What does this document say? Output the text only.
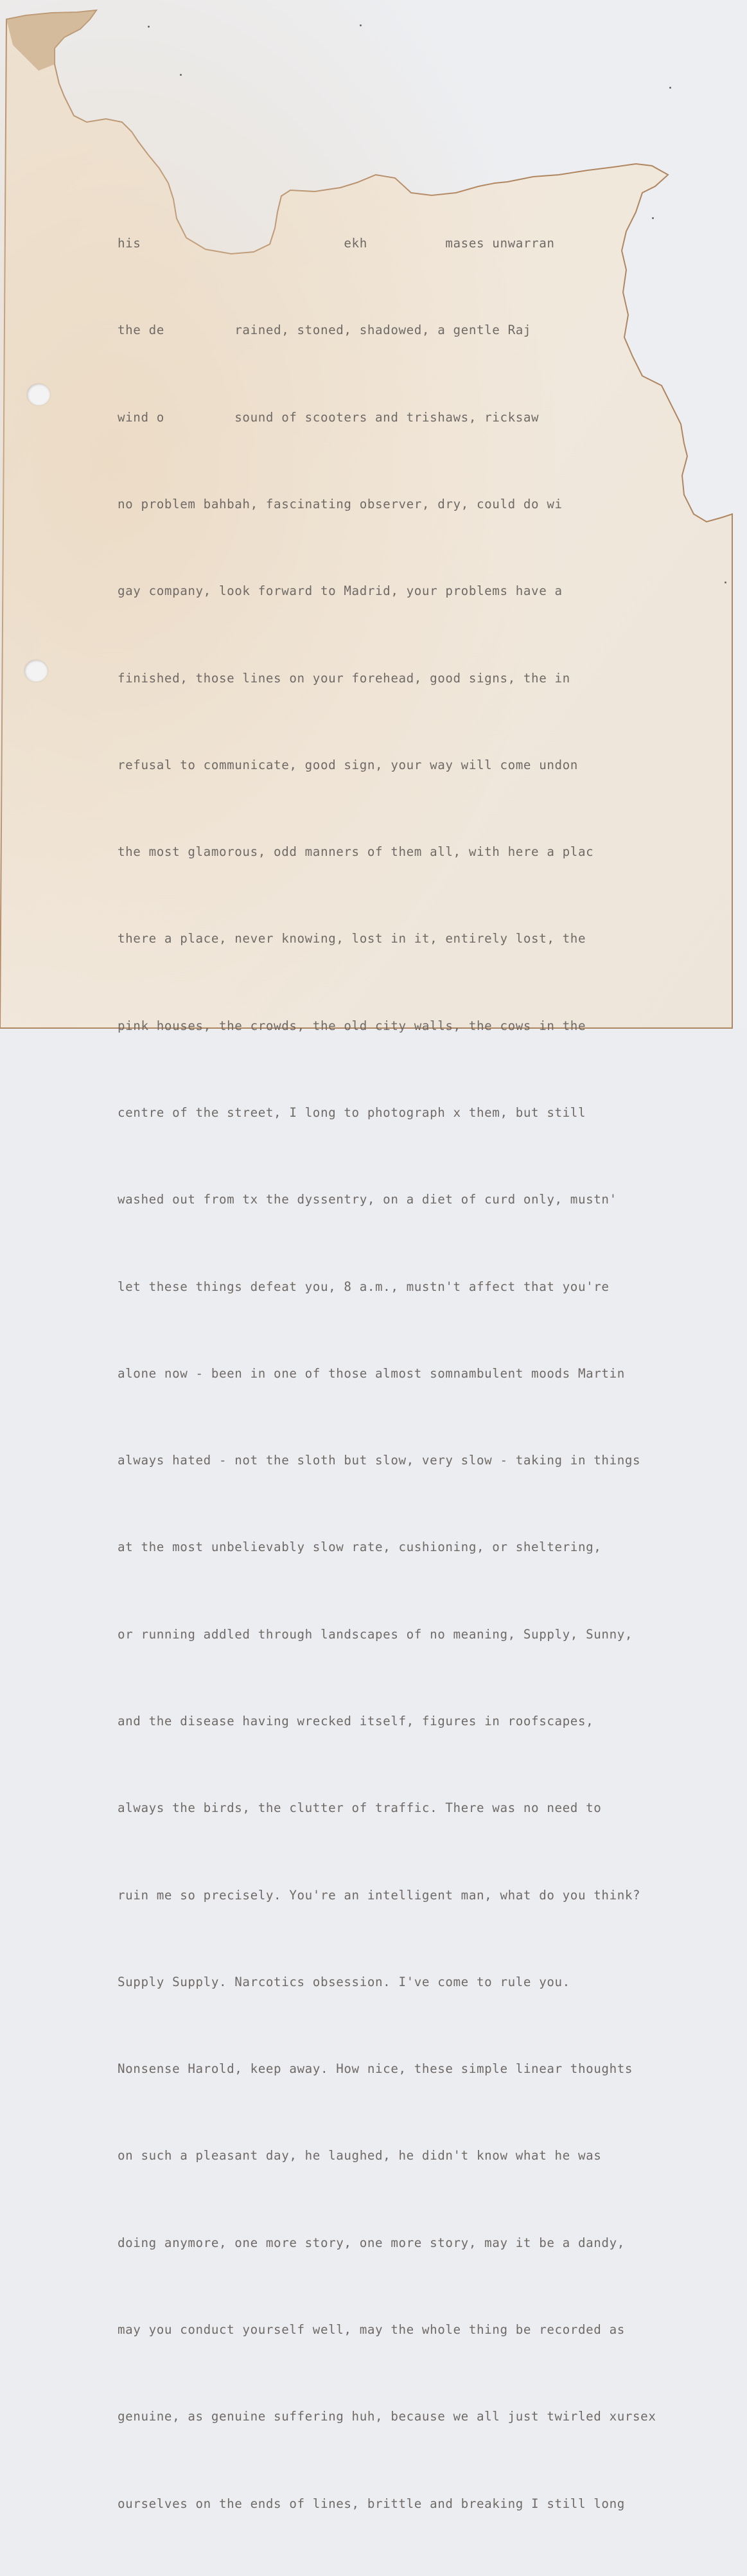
his                          ekh          mases unwarran

the de         rained, stoned, shadowed, a gentle Raj

wind o         sound of scooters and trishaws, ricksaw

no problem bahbah, fascinating observer, dry, could do wi

gay company, look forward to Madrid, your problems have a

finished, those lines on your forehead, good signs, the in

refusal to communicate, good sign, your way will come undon

the most glamorous, odd manners of them all, with here a plac

there a place, never knowing, lost in it, entirely lost, the

pink houses, the crowds, the old city walls, the cows in the

centre of the street, I long to photograph x them, but still

washed out from tx the dyssentry, on a diet of curd only, mustn'

let these things defeat you, 8 a.m., mustn't affect that you're

alone now - been in one of those almost somnambulent moods Martin

always hated - not the sloth but slow, very slow - taking in things

at the most unbelievably slow rate, cushioning, or sheltering,

or running addled through landscapes of no meaning, Supply, Sunny,

and the disease having wrecked itself, figures in roofscapes,

always the birds, the clutter of traffic. There was no need to

ruin me so precisely. You're an intelligent man, what do you think?

Supply Supply. Narcotics obsession. I've come to rule you.

Nonsense Harold, keep away. How nice, these simple linear thoughts

on such a pleasant day, he laughed, he didn't know what he was

doing anymore, one more story, one more story, may it be a dandy,

may you conduct yourself well, may the whole thing be recorded as

genuine, as genuine suffering huh, because we all just twirled xursex

ourselves on the ends of lines, brittle and breaking I still long
